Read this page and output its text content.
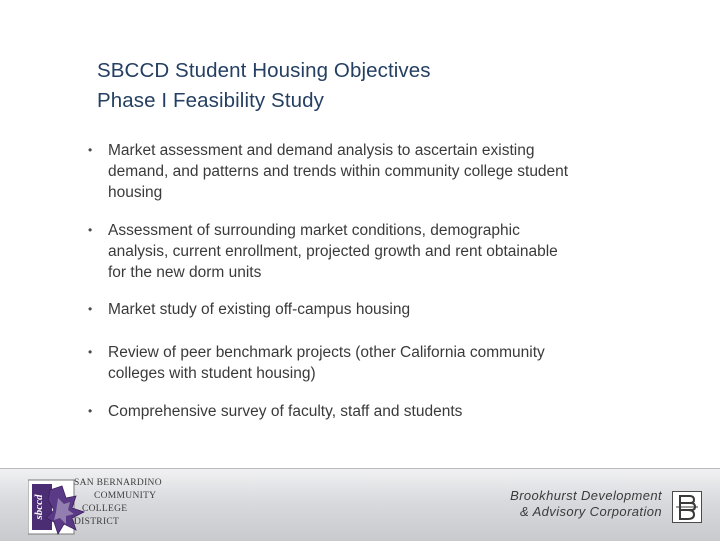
SBCCD Student Housing Objectives
Phase I Feasibility Study
• Market assessment and demand analysis to ascertain existing
demand, and patterns and trends within community college student
housing
• Assessment of surrounding market conditions, demographic
analysis, current enrollment, projected growth and rent obtainable
for the new dorm units
• Market study of existing off-campus housing
• Review of peer benchmark projects (other California community
colleges with student housing)
• Comprehensive survey of faculty, staff and students
sbccd
SAN BERNARDINO
COMMUNITY
COLLEGE
DISTRICT
Brookhurst Development
& Advisory Corporation
